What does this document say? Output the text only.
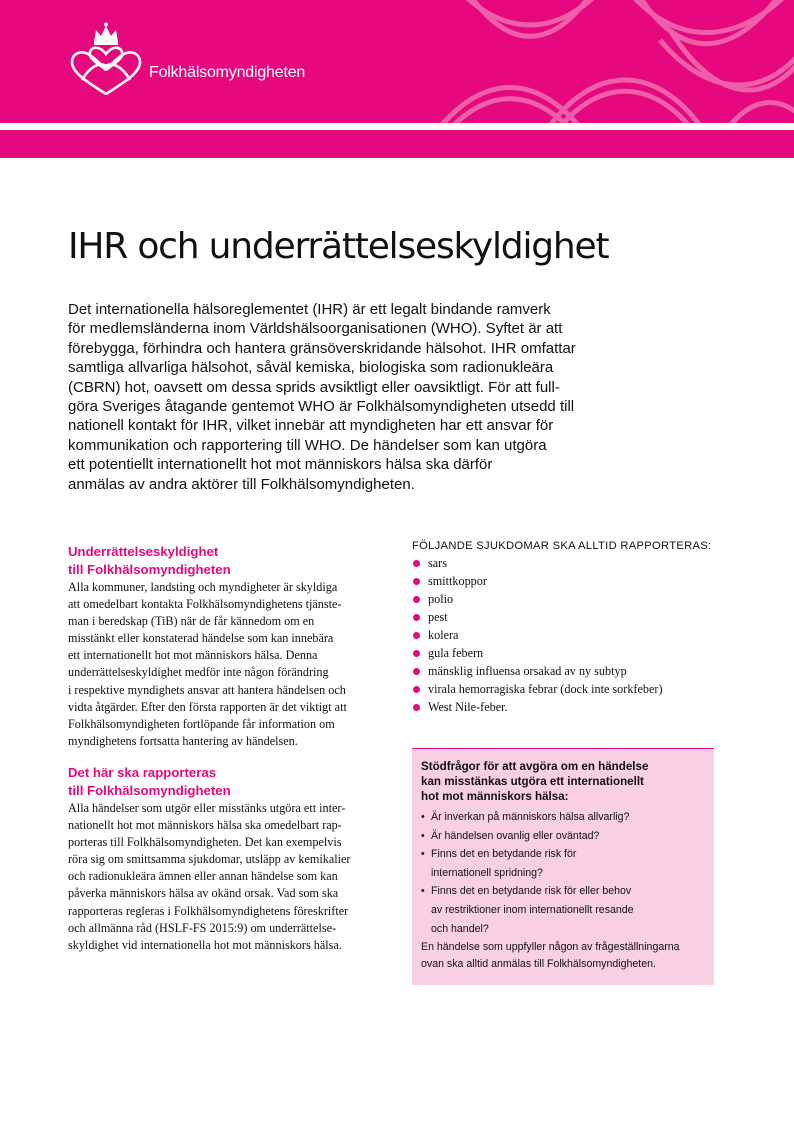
Folkhälsomyndigheten
IHR och underrättelseskyldighet

Det internationella hälsoreglementet (IHR) är ett legalt bindande ramverk

för medlemsländerna inom Världshälsoorganisationen (WHO). Syftet är att

förebygga, förhindra och hantera gränsöverskridande hälsohot. IHR omfattar

samtliga allvarliga hälsohot, såväl kemiska, biologiska som radionukleära

(CBRN) hot, oavsett om dessa sprids avsiktligt eller oavsiktligt. För att full-

göra Sveriges åtagande gentemot WHO är Folkhälsomyndigheten utsedd till

nationell kontakt för IHR, vilket innebär att myndigheten har ett ansvar för

kommunikation och rapportering till WHO. De händelser som kan utgöra

ett potentiellt internationellt hot mot människors hälsa ska därför

anmälas av andra aktörer till Folkhälsomyndigheten.

Underrättelseskyldighet
till Folkhälsomyndigheten

Alla kommuner, landsting och myndigheter är skyldiga

att omedelbart kontakta Folkhälsomyndighetens tjänste-

man i beredskap (TiB) när de får kännedom om en

misstänkt eller konstaterad händelse som kan innebära

ett internationellt hot mot människors hälsa. Denna

underrättelseskyldighet medför inte någon förändring

i respektive myndighets ansvar att hantera händelsen och

vidta åtgärder. Efter den första rapporten är det viktigt att

Folkhälsomyndigheten fortlöpande får information om

myndighetens fortsatta hantering av händelsen.

Det här ska rapporteras
till Folkhälsomyndigheten

Alla händelser som utgör eller misstänks utgöra ett inter-

nationellt hot mot människors hälsa ska omedelbart rap-

porteras till Folkhälsomyndigheten. Det kan exempelvis

röra sig om smittsamma sjukdomar, utsläpp av kemikalier

och radionukleära ämnen eller annan händelse som kan

påverka människors hälsa av okänd orsak. Vad som ska

rapporteras regleras i Folkhälsomyndighetens föreskrifter

och allmänna råd (HSLF-FS 2015:9) om underrättelse-

skyldighet vid internationella hot mot människors hälsa.

FÖLJANDE SJUKDOMAR SKA ALLTID RAPPORTERAS:
sars
smittkoppor
polio
pest
kolera
gula febern
mänsklig influensa orsakad av ny subtyp
virala hemorragiska febrar (dock inte sorkfeber)
West Nile-feber.

Stödfrågor för att avgöra om en händelse

kan misstänkas utgöra ett internationellt

hot mot människors hälsa:

• Är inverkan på människors hälsa allvarlig?

• Är händelsen ovanlig eller oväntad?

• Finns det en betydande risk för

internationell spridning?

• Finns det en betydande risk för eller behov

av restriktioner inom internationellt resande

och handel?

En händelse som uppfyller någon av frågeställningarna

ovan ska alltid anmälas till Folkhälsomyndigheten.
